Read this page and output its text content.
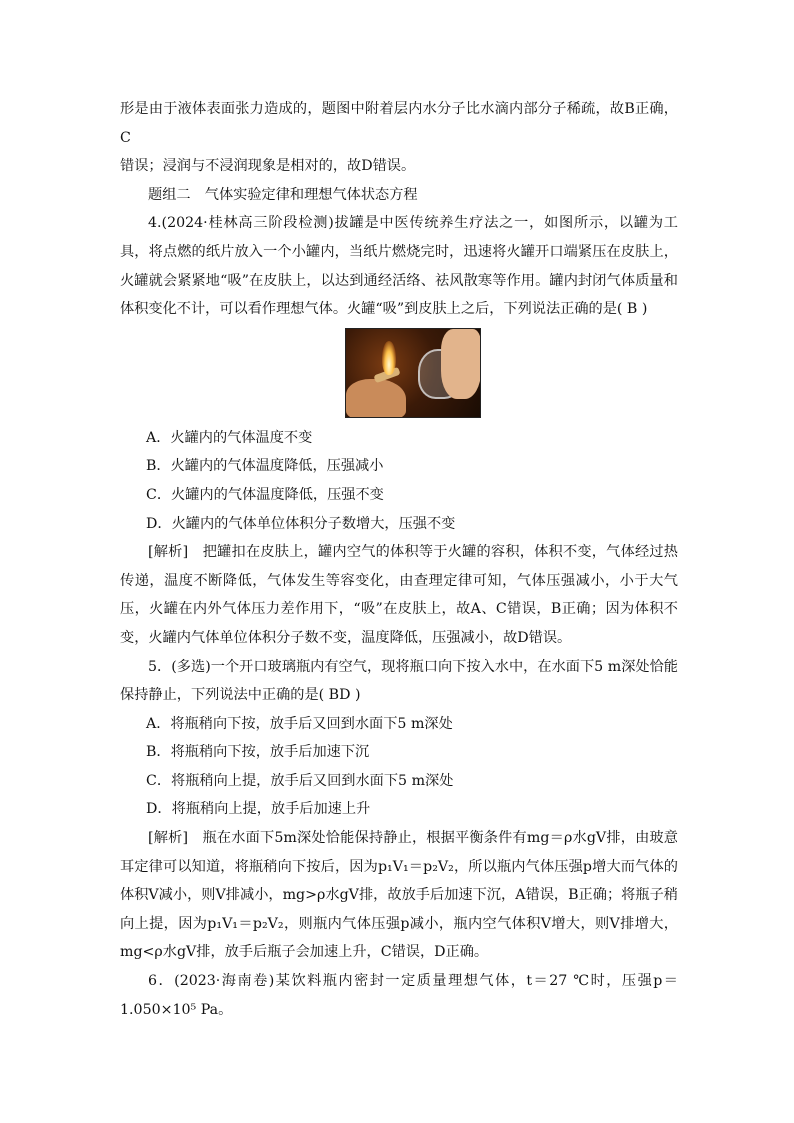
形是由于液体表面张力造成的，题图中附着层内水分子比水滴内部分子稀疏，故B正确，C

错误；浸润与不浸润现象是相对的，故D错误。

题组二　气体实验定律和理想气体状态方程

4.(2024·桂林高三阶段检测)拔罐是中医传统养生疗法之一，如图所示，以罐为工具，将点燃的纸片放入一个小罐内，当纸片燃烧完时，迅速将火罐开口端紧压在皮肤上，火罐就会紧紧地“吸”在皮肤上，以达到通经活络、祛风散寒等作用。罐内封闭气体质量和体积变化不计，可以看作理想气体。火罐“吸”到皮肤上之后，下列说法正确的是( B )

A．火罐内的气体温度不变

B．火罐内的气体温度降低，压强减小

C．火罐内的气体温度降低，压强不变

D．火罐内的气体单位体积分子数增大，压强不变

[解析]　把罐扣在皮肤上，罐内空气的体积等于火罐的容积，体积不变，气体经过热传递，温度不断降低，气体发生等容变化，由查理定律可知，气体压强减小，小于大气压，火罐在内外气体压力差作用下，“吸”在皮肤上，故A、C错误，B正确；因为体积不变，火罐内气体单位体积分子数不变，温度降低，压强减小，故D错误。

5．(多选)一个开口玻璃瓶内有空气，现将瓶口向下按入水中，在水面下5 m深处恰能保持静止，下列说法中正确的是( BD )

A．将瓶稍向下按，放手后又回到水面下5 m深处

B．将瓶稍向下按，放手后加速下沉

C．将瓶稍向上提，放手后又回到水面下5 m深处

D．将瓶稍向上提，放手后加速上升

[解析]　瓶在水面下5m深处恰能保持静止，根据平衡条件有mg＝ρ水gV排，由玻意耳定律可以知道，将瓶稍向下按后，因为p₁V₁＝p₂V₂，所以瓶内气体压强p增大而气体的体积V减小，则V排减小，mg>ρ水gV排，故放手后加速下沉，A错误，B正确；将瓶子稍向上提，因为p₁V₁＝p₂V₂，则瓶内气体压强p减小，瓶内空气体积V增大，则V排增大，mg<ρ水gV排，放手后瓶子会加速上升，C错误，D正确。

6．(2023·海南卷)某饮料瓶内密封一定质量理想气体，t＝27 ℃时，压强p＝1.050×10⁵ Pa。
